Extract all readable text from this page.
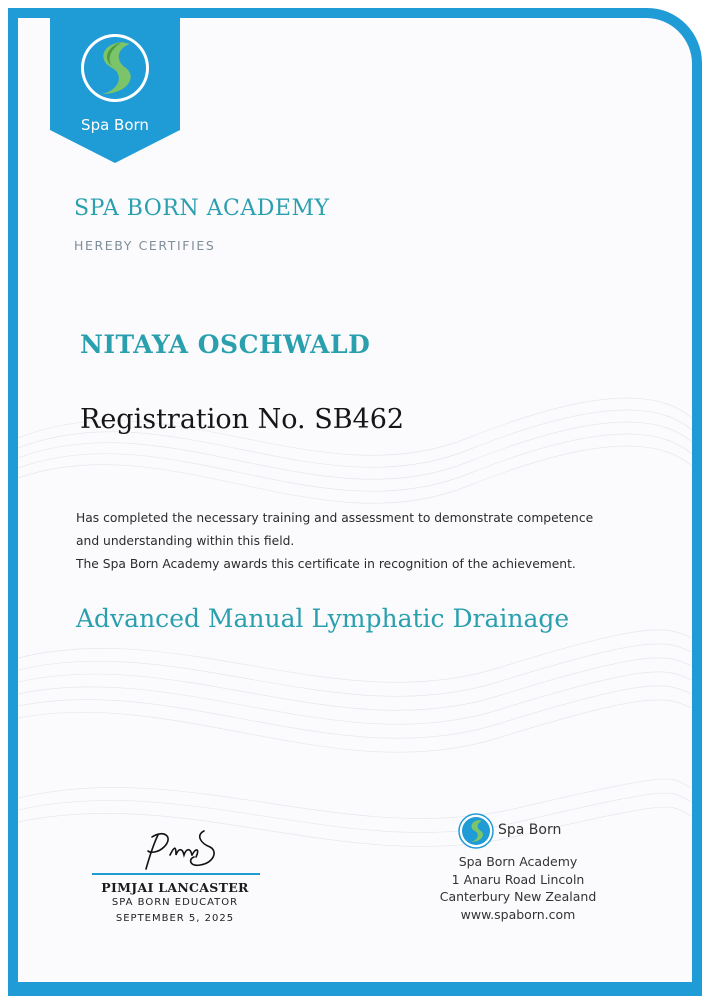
Spa Born
SPA BORN ACADEMY
HEREBY CERTIFIES
NITAYA OSCHWALD
Registration No. SB462
Has completed the necessary training and assessment to demonstrate competence
and understanding within this field.
The Spa Born Academy awards this certificate in recognition of the achievement.
Advanced Manual Lymphatic Drainage
PIMJAI LANCASTER
SPA BORN EDUCATOR
SEPTEMBER 5, 2025
Spa Born
Spa Born Academy
1 Anaru Road Lincoln
Canterbury New Zealand
www.spaborn.com
